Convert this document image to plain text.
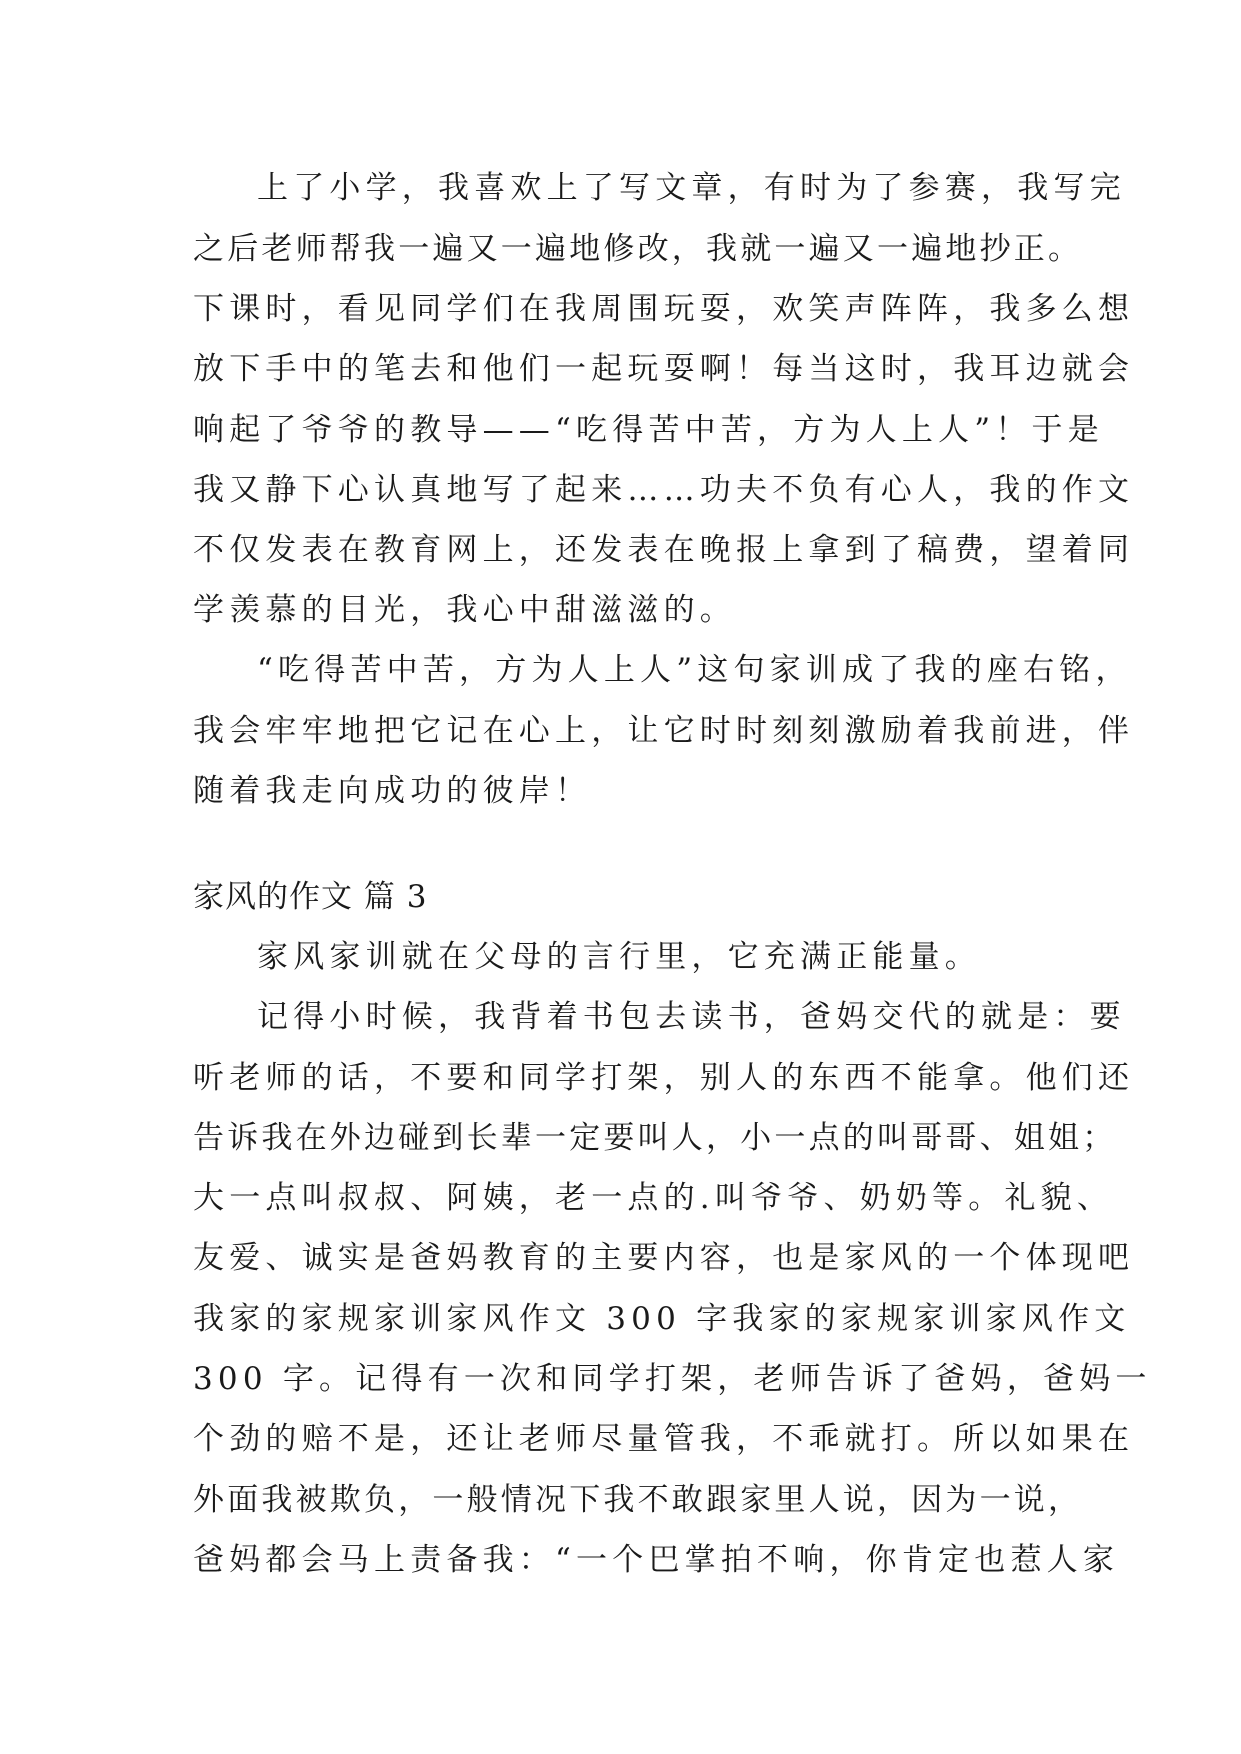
上了小学，我喜欢上了写文章，有时为了参赛，我写完
之后老师帮我一遍又一遍地修改，我就一遍又一遍地抄正。
下课时，看见同学们在我周围玩耍，欢笑声阵阵，我多么想
放下手中的笔去和他们一起玩耍啊！每当这时，我耳边就会
响起了爷爷的教导——“吃得苦中苦，方为人上人”！于是
我又静下心认真地写了起来……功夫不负有心人，我的作文
不仅发表在教育网上，还发表在晚报上拿到了稿费，望着同
学羡慕的目光，我心中甜滋滋的。
“吃得苦中苦，方为人上人”这句家训成了我的座右铭，
我会牢牢地把它记在心上，让它时时刻刻激励着我前进，伴
随着我走向成功的彼岸！
家风的作文 篇 3
家风家训就在父母的言行里，它充满正能量。
记得小时候，我背着书包去读书，爸妈交代的就是：要
听老师的话，不要和同学打架，别人的东西不能拿。他们还
告诉我在外边碰到长辈一定要叫人，小一点的叫哥哥、姐姐；
大一点叫叔叔、阿姨，老一点的.叫爷爷、奶奶等。礼貌、
友爱、诚实是爸妈教育的主要内容，也是家风的一个体现吧
我家的家规家训家风作文 300 字我家的家规家训家风作文
300 字。记得有一次和同学打架，老师告诉了爸妈，爸妈一
个劲的赔不是，还让老师尽量管我，不乖就打。所以如果在
外面我被欺负，一般情况下我不敢跟家里人说，因为一说，
爸妈都会马上责备我：“一个巴掌拍不响，你肯定也惹人家
